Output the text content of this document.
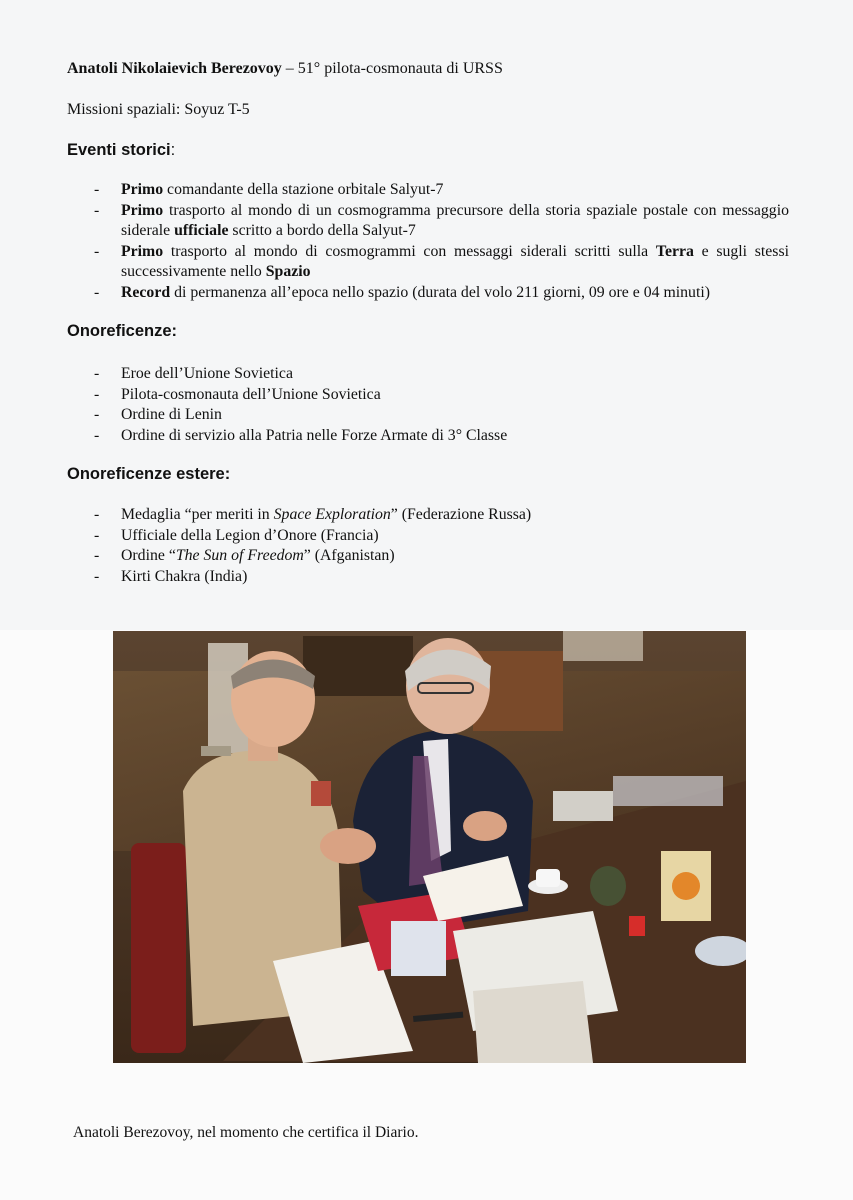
Anatoli Nikolaievich Berezovoy – 51° pilota-cosmonauta di URSS
Missioni spaziali: Soyuz T-5
Eventi storici:
- Primo comandante della stazione orbitale Salyut-7
- Primo trasporto al mondo di un cosmogramma precursore della storia spaziale postale con messaggio siderale ufficiale scritto a bordo della Salyut-7
- Primo trasporto al mondo di cosmogrammi con messaggi siderali scritti sulla Terra e sugli stessi successivamente nello Spazio
- Record di permanenza all’epoca nello spazio (durata del volo 211 giorni, 09 ore e 04 minuti)
Onoreficenze:
- Eroe dell’Unione Sovietica
- Pilota-cosmonauta dell’Unione Sovietica
- Ordine di Lenin
- Ordine di servizio alla Patria nelle Forze Armate di 3° Classe
Onoreficenze estere:
- Medaglia “per meriti in Space Exploration” (Federazione Russa)
- Ufficiale della Legion d’Onore (Francia)
- Ordine “The Sun of Freedom” (Afganistan)
- Kirti Chakra (India)
Anatoli Berezovoy, nel momento che certifica il Diario.
